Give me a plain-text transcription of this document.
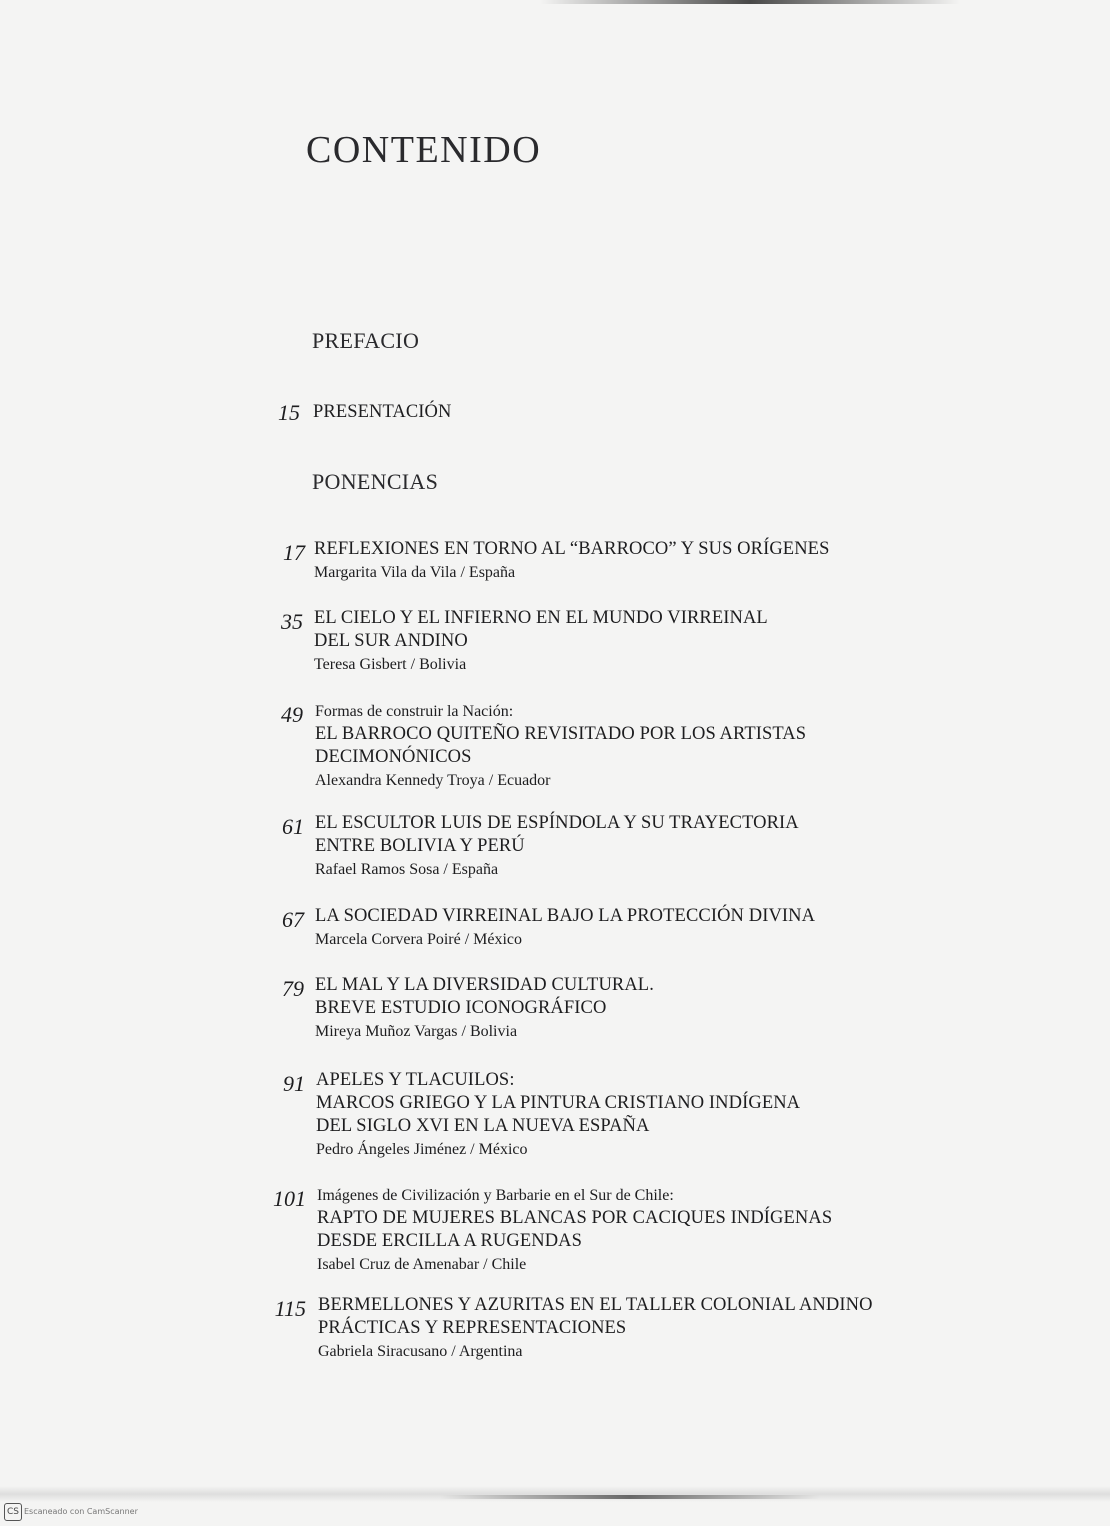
CONTENIDO
PREFACIO
15 PRESENTACIÓN
PONENCIAS
17 REFLEXIONES EN TORNO AL “BARROCO” Y SUS ORÍGENES
Margarita Vila da Vila / España
35 EL CIELO Y EL INFIERNO EN EL MUNDO VIRREINAL
DEL SUR ANDINO
Teresa Gisbert / Bolivia
49 Formas de construir la Nación:
EL BARROCO QUITEÑO REVISITADO POR LOS ARTISTAS
DECIMONÓNICOS
Alexandra Kennedy Troya / Ecuador
61 EL ESCULTOR LUIS DE ESPÍNDOLA Y SU TRAYECTORIA
ENTRE BOLIVIA Y PERÚ
Rafael Ramos Sosa / España
67 LA SOCIEDAD VIRREINAL BAJO LA PROTECCIÓN DIVINA
Marcela Corvera Poiré / México
79 EL MAL Y LA DIVERSIDAD CULTURAL.
BREVE ESTUDIO ICONOGRÁFICO
Mireya Muñoz Vargas / Bolivia
91 APELES Y TLACUILOS:
MARCOS GRIEGO Y LA PINTURA CRISTIANO INDÍGENA
DEL SIGLO XVI EN LA NUEVA ESPAÑA
Pedro Ángeles Jiménez / México
101 Imágenes de Civilización y Barbarie en el Sur de Chile:
RAPTO DE MUJERES BLANCAS POR CACIQUES INDÍGENAS
DESDE ERCILLA A RUGENDAS
Isabel Cruz de Amenabar / Chile
115 BERMELLONES Y AZURITAS EN EL TALLER COLONIAL ANDINO
PRÁCTICAS Y REPRESENTACIONES
Gabriela Siracusano / Argentina
CS Escaneado con CamScanner
